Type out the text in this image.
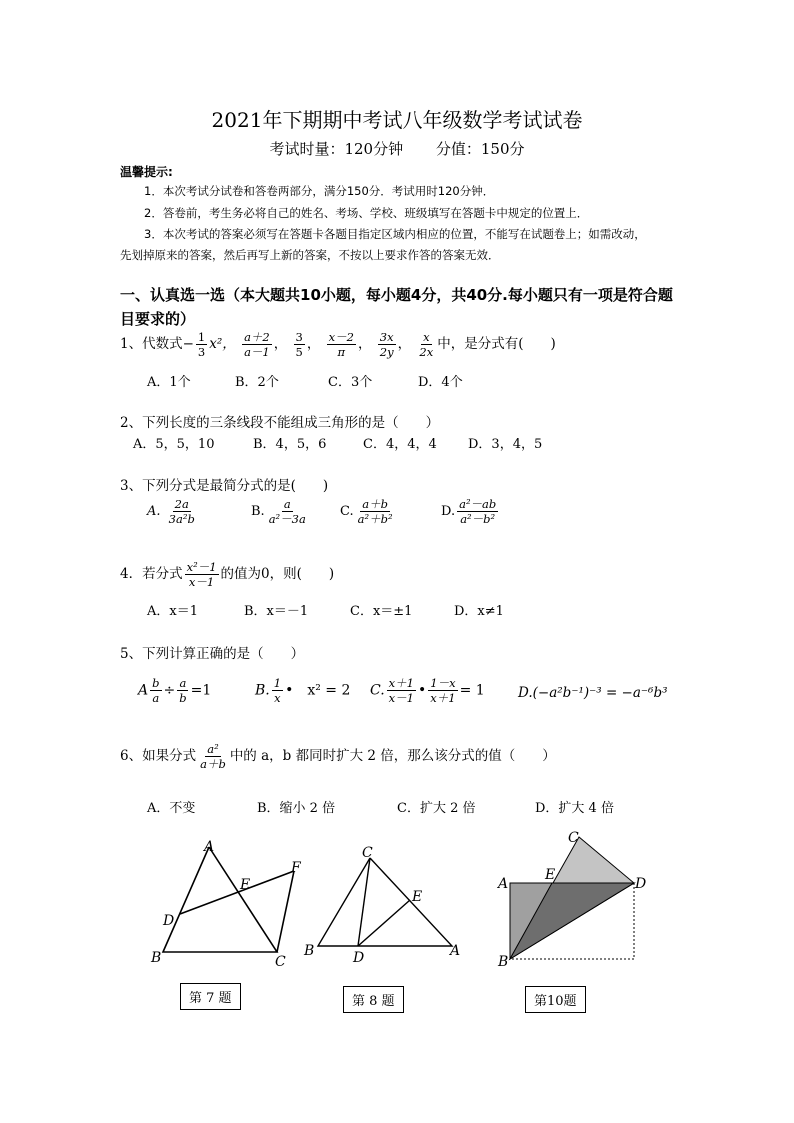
2021年下期期中考试八年级数学考试试卷
考试时量：120分钟 分值：150分
温馨提示:
1．本次考试分试卷和答卷两部分，满分150分．考试用时120分钟．
2．答卷前，考生务必将自己的姓名、考场、学校、班级填写在答题卡中规定的位置上．
3．本次考试的答案必须写在答题卡各题目指定区域内相应的位置，不能写在试题卷上；如需改动，
先划掉原来的答案，然后再写上新的答案，不按以上要求作答的答案无效．
一、认真选一选（本大题共10小题，每小题4分，共40分.每小题只有一项是符合题目要求的）
1、代数式− $\frac{1}{3} x^2$， $\frac{a+2}{a-1}$ ， $\frac{3}{5}$ ， $\frac{x-2}{\pi}$ ， $\frac{3x}{2y}$ ， $\frac{x}{2x}$ 中，是分式有(　　)
A．1个	B．2个	C．3个	D．4个
2、下列长度的三条线段不能组成三角形的是（　　）
A．5，5，10	B．4，5，6	C．4，4，4 D．3，4，5
3、下列分式是最简分式的是(　　)
A. $\frac{2a}{\text{3a²b}}$	B. $\frac{a}{\text{a²－3a}} C$. $\frac{a+b}{\text{a²＋b²}}$	D. $\frac{\text{a²－ab}}{\text{a²－b²}}$
4．若分式 $\frac{\text{x²－1}}{x-1}$ 的值为0，则(　　)
A．x＝1	B．x＝－1	C．x＝±1	D．x≠1
5、下列计算正确的是（　　）
A $\frac{b}{a} \div \frac{a}{b} =1$	B. $\frac{1}{x}$ •　x² = 2 C. $\frac{x+1}{x-1}$ • $\frac{1-x}{x+1} = 1$ D.(−a²b⁻¹)⁻³ = −a⁻⁶b³
6、如果分式 $\frac{\text{a²}}{a+b}$ 中的 a，b 都同时扩大 2 倍，那么该分式的值（　　）
A．不变	B．缩小 2 倍	C．扩大 2 倍	D．扩大 4 倍
A
B	C
D
E
F
第 7 题
C
B	D	A
E
第 8 题
C
A
E
D
B
第10题
